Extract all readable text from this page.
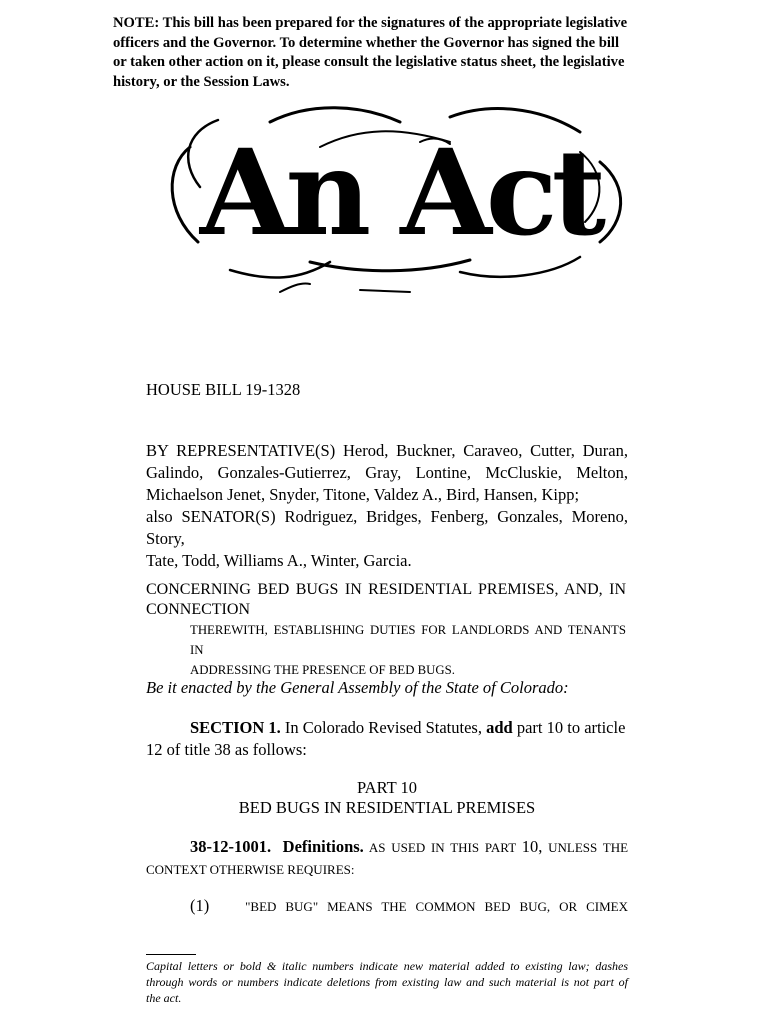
NOTE: This bill has been prepared for the signatures of the appropriate legislative
officers and the Governor. To determine whether the Governor has signed the bill
or taken other action on it, please consult the legislative status sheet, the legislative
history, or the Session Laws.
An Act
HOUSE BILL 19-1328
BY REPRESENTATIVE(S) Herod, Buckner, Caraveo, Cutter, Duran,
Galindo, Gonzales-Gutierrez, Gray, Lontine, McCluskie, Melton,
Michaelson Jenet, Snyder, Titone, Valdez A., Bird, Hansen, Kipp;
also SENATOR(S) Rodriguez, Bridges, Fenberg, Gonzales, Moreno, Story,
Tate, Todd, Williams A., Winter, Garcia.
CONCERNING BED BUGS IN RESIDENTIAL PREMISES, AND, IN CONNECTION
THEREWITH, ESTABLISHING DUTIES FOR LANDLORDS AND TENANTS IN
ADDRESSING THE PRESENCE OF BED BUGS.
Be it enacted by the General Assembly of the State of Colorado:
SECTION 1. In Colorado Revised Statutes, add part 10 to article
12 of title 38 as follows:
PART 10
BED BUGS IN RESIDENTIAL PREMISES
38-12-1001. Definitions. AS USED IN THIS PART 10, UNLESS THE
CONTEXT OTHERWISE REQUIRES:
(1)	"BED BUG" MEANS THE COMMON BED BUG, OR CIMEX
Capital letters or bold & italic numbers indicate new material added to existing law; dashes
through words or numbers indicate deletions from existing law and such material is not part of
the act.
